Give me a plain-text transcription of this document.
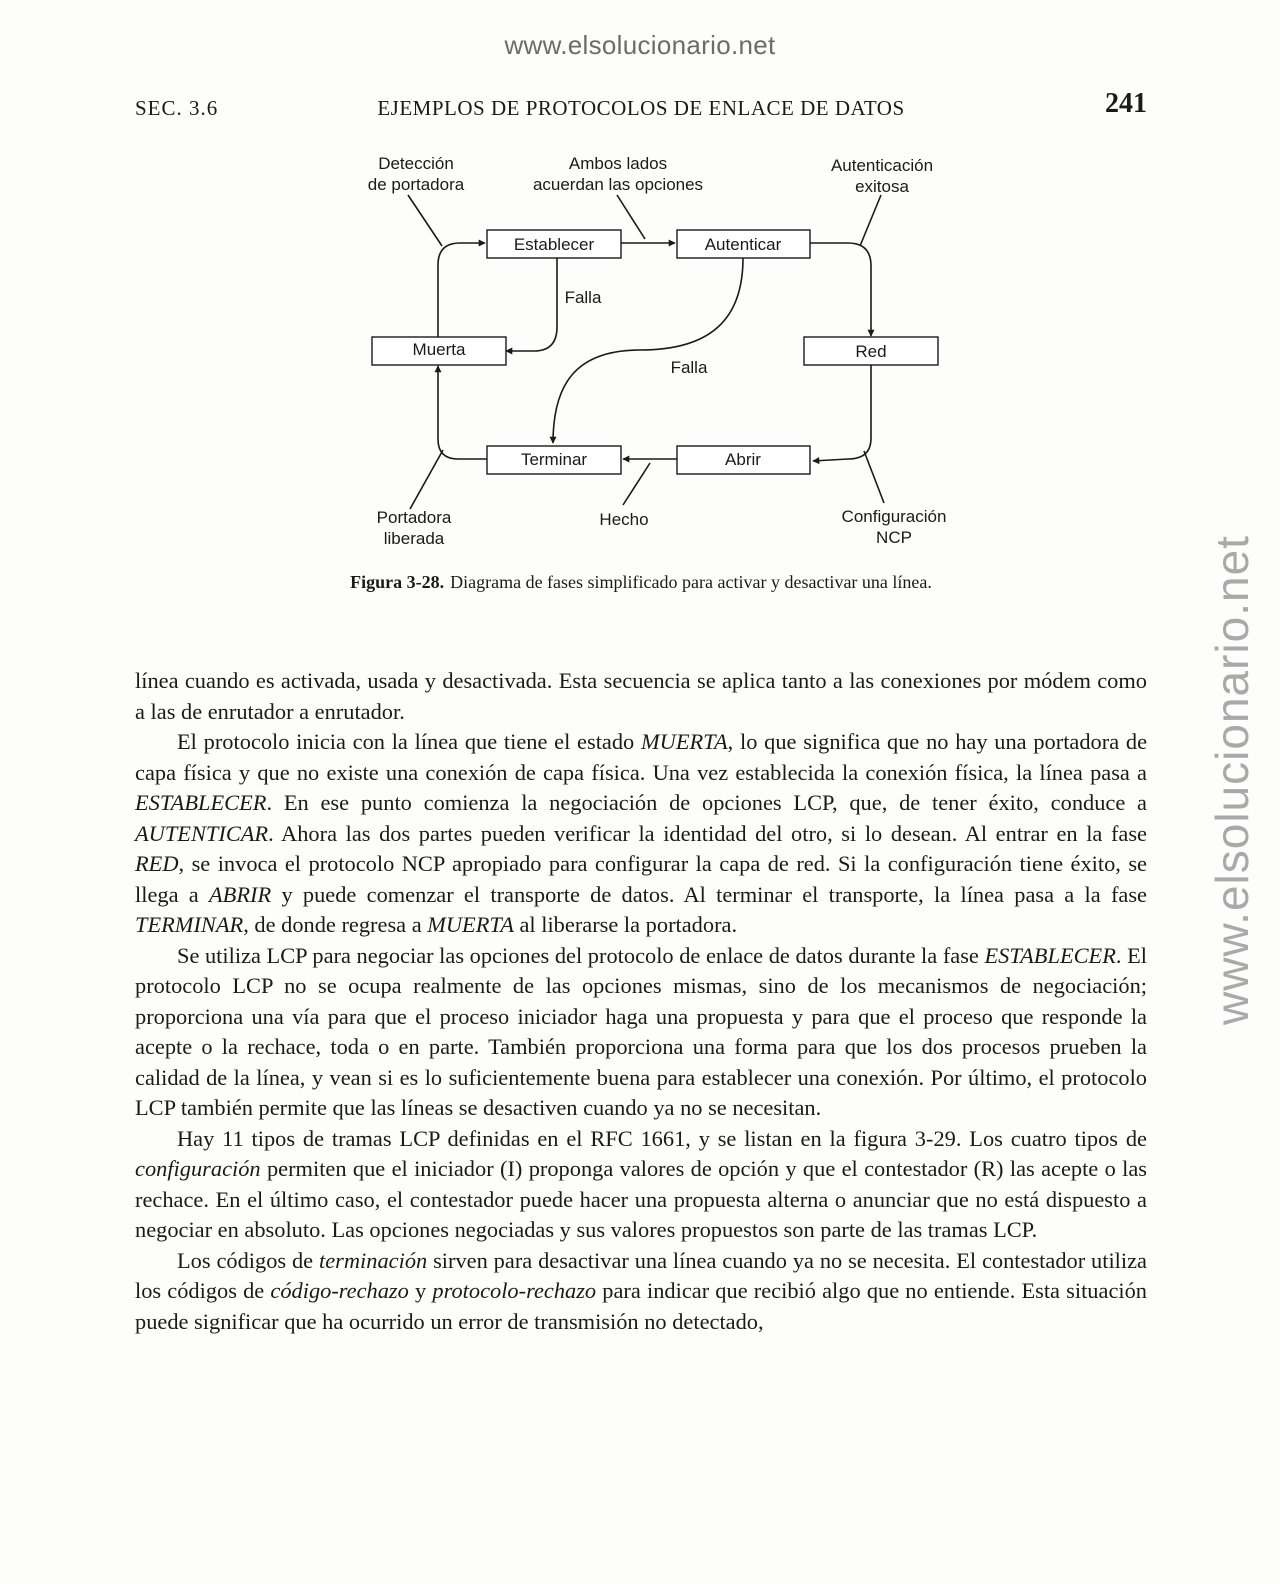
www.elsolucionario.net
www.elsolucionario.net
SEC. 3.6	EJEMPLOS DE PROTOCOLOS DE ENLACE DE DATOS	241
Establecer	Autenticar
Muerta	Red
Terminar	Abrir
Detección
de portadora
Ambos lados
acuerdan las opciones
Autenticación
exitosa
Falla
Falla
Portadora
liberada
Hecho	Configuración
NCP
Figura 3-28. Diagrama de fases simplificado para activar y desactivar una línea.

línea cuando es activada, usada y desactivada. Esta secuencia se aplica tanto a las conexiones por módem como a las de enrutador a enrutador.

El protocolo inicia con la línea que tiene el estado MUERTA, lo que significa que no hay una portadora de capa física y que no existe una conexión de capa física. Una vez establecida la conexión física, la línea pasa a ESTABLECER. En ese punto comienza la negociación de opciones LCP, que, de tener éxito, conduce a AUTENTICAR. Ahora las dos partes pueden verificar la identidad del otro, si lo desean. Al entrar en la fase RED, se invoca el protocolo NCP apropiado para configurar la capa de red. Si la configuración tiene éxito, se llega a ABRIR y puede comenzar el transporte de datos. Al terminar el transporte, la línea pasa a la fase TERMINAR, de donde regresa a MUERTA al liberarse la portadora.

Se utiliza LCP para negociar las opciones del protocolo de enlace de datos durante la fase ESTABLECER. El protocolo LCP no se ocupa realmente de las opciones mismas, sino de los mecanismos de negociación; proporciona una vía para que el proceso iniciador haga una propuesta y para que el proceso que responde la acepte o la rechace, toda o en parte. También proporciona una forma para que los dos procesos prueben la calidad de la línea, y vean si es lo suficientemente buena para establecer una conexión. Por último, el protocolo LCP también permite que las líneas se desactiven cuando ya no se necesitan.

Hay 11 tipos de tramas LCP definidas en el RFC 1661, y se listan en la figura 3-29. Los cuatro tipos de configuración permiten que el iniciador (I) proponga valores de opción y que el contestador (R) las acepte o las rechace. En el último caso, el contestador puede hacer una propuesta alterna o anunciar que no está dispuesto a negociar en absoluto. Las opciones negociadas y sus valores propuestos son parte de las tramas LCP.

Los códigos de terminación sirven para desactivar una línea cuando ya no se necesita. El contestador utiliza los códigos de código-rechazo y protocolo-rechazo para indicar que recibió algo que no entiende. Esta situación puede significar que ha ocurrido un error de transmisión no detectado,
